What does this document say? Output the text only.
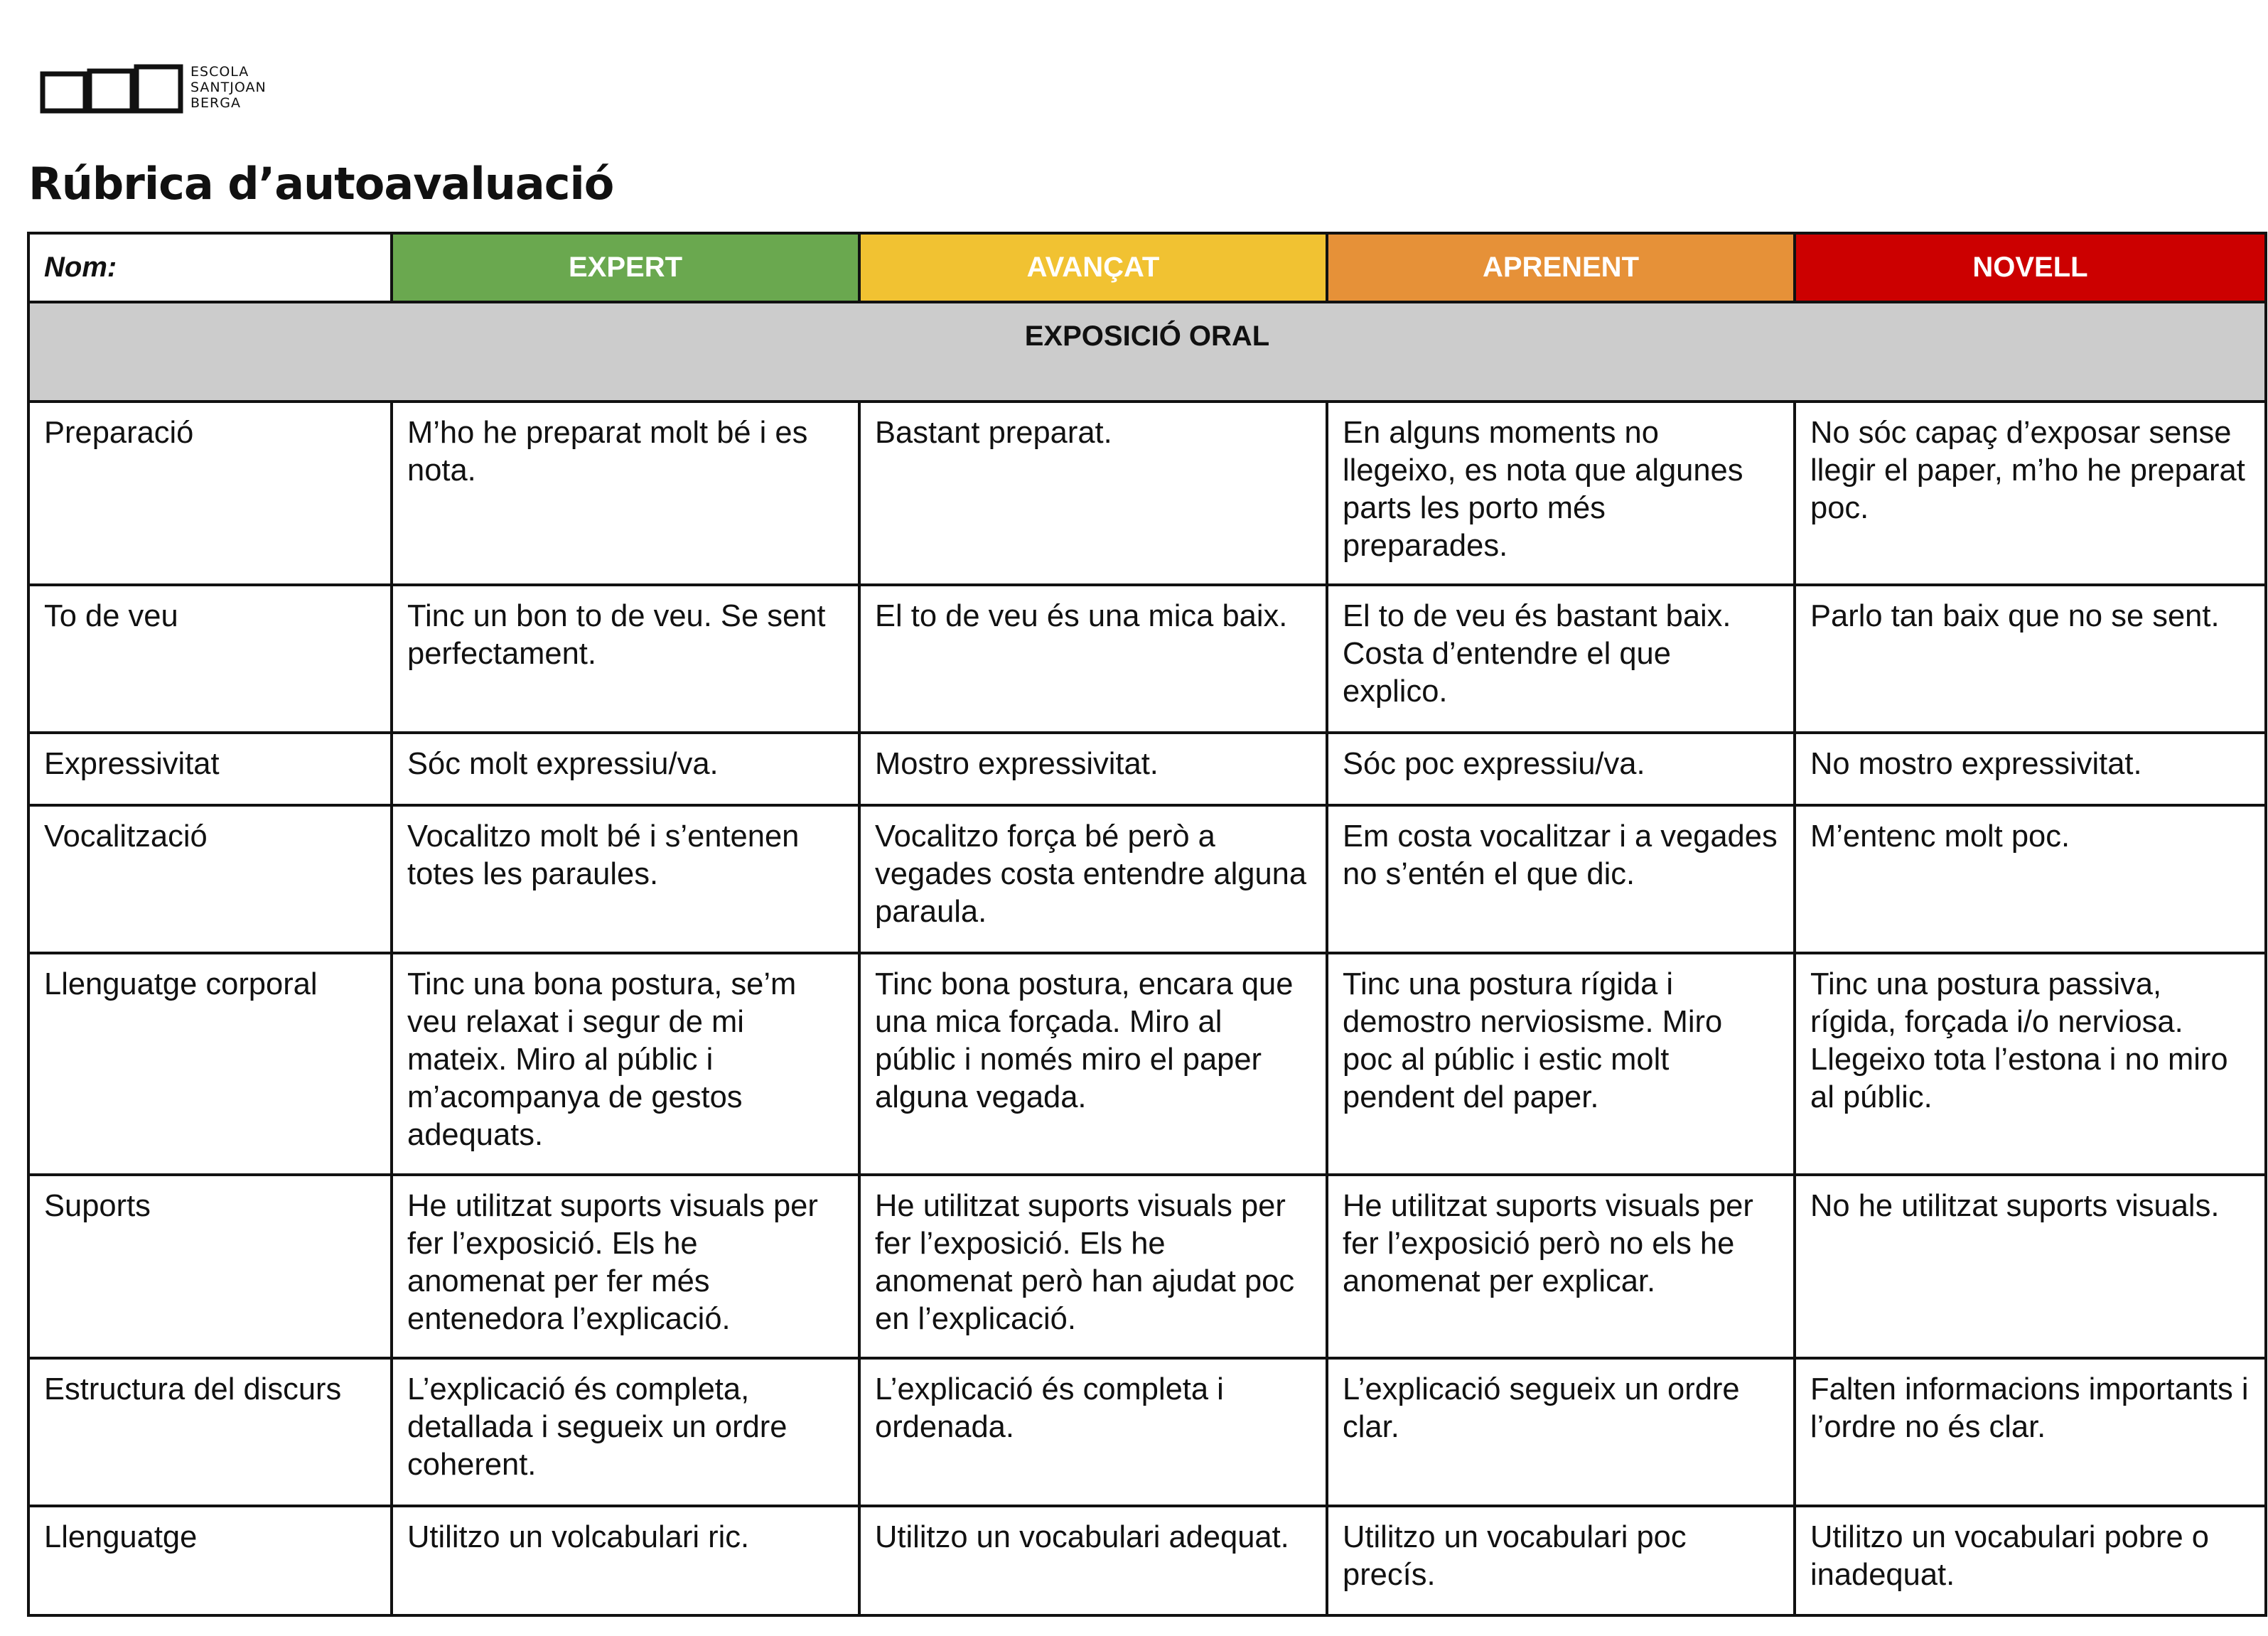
ESCOLA
SANTJOAN
BERGA
Rúbrica d’autoavaluació
Nom:	EXPERT	AVANÇAT	APRENENT	NOVELL
EXPOSICIÓ ORAL				
Preparació	M’ho he preparat molt bé i es nota.	Bastant preparat.	En alguns moments no llegeixo, es nota que algunes parts les porto més preparades.	No sóc capaç d’exposar sense llegir el paper, m’ho he preparat poc.
To de veu	Tinc un bon to de veu. Se sent perfectament.	El to de veu és una mica baix.	El to de veu és bastant baix. Costa d’entendre el que explico.	Parlo tan baix que no se sent.
Expressivitat	Sóc molt expressiu/va.	Mostro expressivitat.	Sóc poc expressiu/va.	No mostro expressivitat.
Vocalització	Vocalitzo molt bé i s’entenen totes les paraules.	Vocalitzo força bé però a vegades costa entendre alguna paraula.	Em costa vocalitzar i a vegades no s’entén el que dic.	M’entenc molt poc.
Llenguatge corporal	Tinc una bona postura, se’m veu relaxat i segur de mi mateix. Miro al públic i m’acompanya de gestos adequats.	Tinc bona postura, encara que una mica forçada. Miro al públic i només miro el paper alguna vegada.	Tinc una postura rígida i demostro nerviosisme. Miro poc al públic i estic molt pendent del paper.	Tinc una postura passiva, rígida, forçada i/o nerviosa. Llegeixo tota l’estona i no miro al públic.
Suports	He utilitzat suports visuals per fer l’exposició. Els he anomenat per fer més entenedora l’explicació.	He utilitzat suports visuals per fer l’exposició. Els he anomenat però han ajudat poc en l’explicació.	He utilitzat suports visuals per fer l’exposició però no els he anomenat per explicar.	No he utilitzat suports visuals.
Estructura del discurs	L’explicació és completa, detallada i segueix un ordre coherent.	L’explicació és completa i ordenada.	L’explicació segueix un ordre clar.	Falten informacions importants i l’ordre no és clar.
Llenguatge	Utilitzo un volcabulari ric.	Utilitzo un vocabulari adequat.	Utilitzo un vocabulari poc precís.	Utilitzo un vocabulari pobre o inadequat.
